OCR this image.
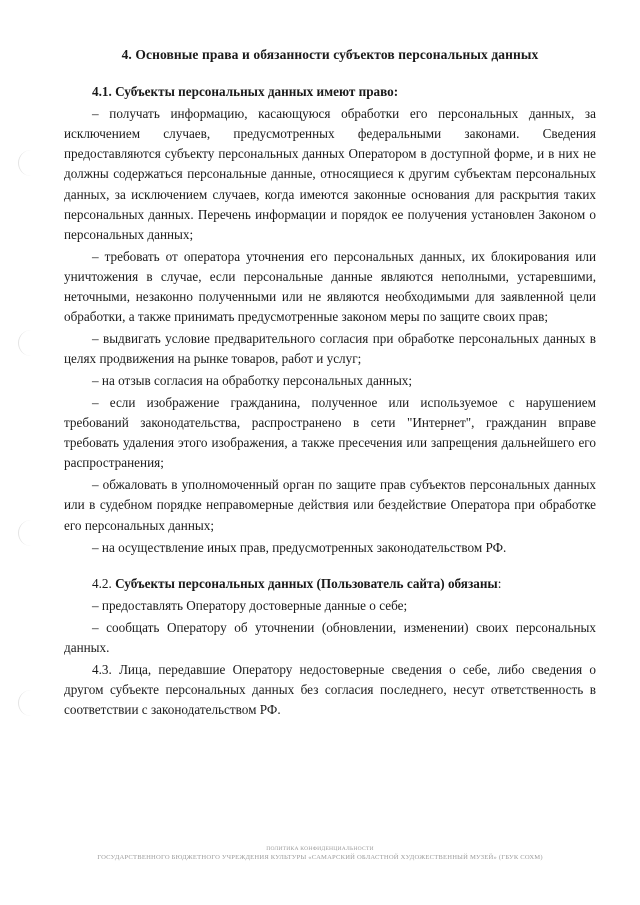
4. Основные права и обязанности субъектов персональных данных

4.1. Субъекты персональных данных имеют право:

– получать информацию, касающуюся обработки его персональных данных, за исключением случаев, предусмотренных федеральными законами. Сведения предоставляются субъекту персональных данных Оператором в доступной форме, и в них не должны содержаться персональные данные, относящиеся к другим субъектам персональных данных, за исключением случаев, когда имеются законные основания для раскрытия таких персональных данных. Перечень информации и порядок ее получения установлен Законом о персональных данных;

– требовать от оператора уточнения его персональных данных, их блокирования или уничтожения в случае, если персональные данные являются неполными, устаревшими, неточными, незаконно полученными или не являются необходимыми для заявленной цели обработки, а также принимать предусмотренные законом меры по защите своих прав;

– выдвигать условие предварительного согласия при обработке персональных данных в целях продвижения на рынке товаров, работ и услуг;

– на отзыв согласия на обработку персональных данных;

– если изображение гражданина, полученное или используемое с нарушением требований законодательства, распространено в сети "Интернет", гражданин вправе требовать удаления этого изображения, а также пресечения или запрещения дальнейшего его распространения;

– обжаловать в уполномоченный орган по защите прав субъектов персональных данных или в судебном порядке неправомерные действия или бездействие Оператора при обработке его персональных данных;

– на осуществление иных прав, предусмотренных законодательством РФ.

4.2. Субъекты персональных данных (Пользователь сайта) обязаны:

– предоставлять Оператору достоверные данные о себе;

– сообщать Оператору об уточнении (обновлении, изменении) своих персональных данных.

4.3. Лица, передавшие Оператору недостоверные сведения о себе, либо сведения о другом субъекте персональных данных без согласия последнего, несут ответственность в соответствии с законодательством РФ.

ПОЛИТИКА КОНФИДЕНЦИАЛЬНОСТИ
ГОСУДАРСТВЕННОГО БЮДЖЕТНОГО УЧРЕЖДЕНИЯ КУЛЬТУРЫ «САМАРСКИЙ ОБЛАСТНОЙ ХУДОЖЕСТВЕННЫЙ МУЗЕЙ» (ГБУК СОХМ)
